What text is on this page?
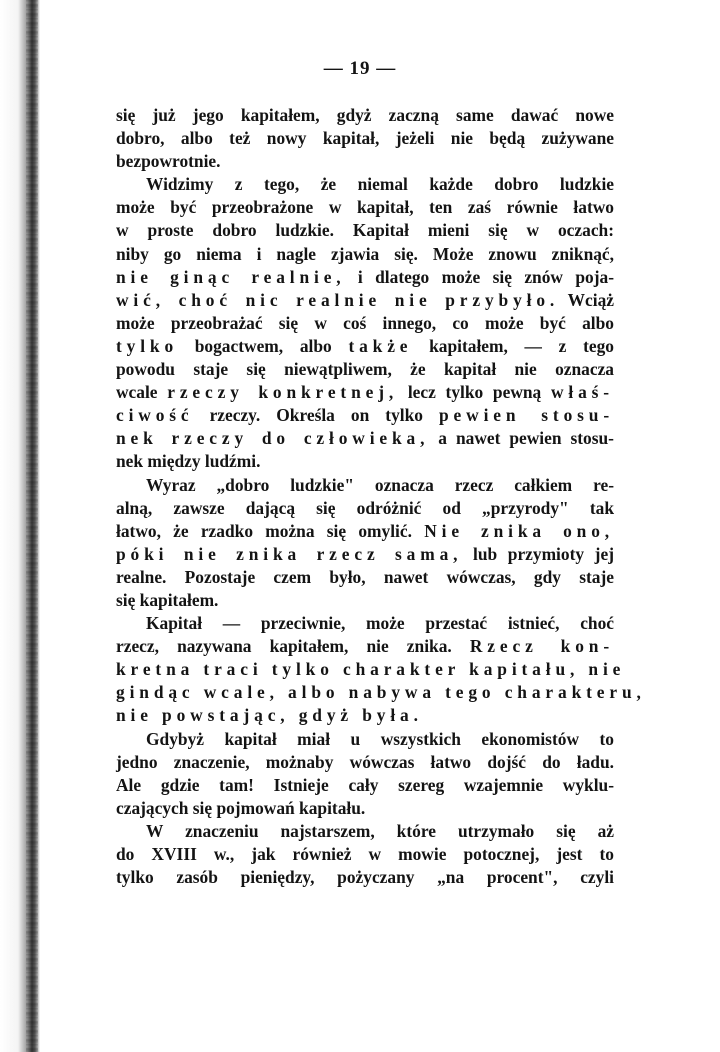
— 19 —
się już jego kapitałem, gdyż zaczną same dawać nowe
dobro, albo też nowy kapitał, jeżeli nie będą zużywane
bezpowrotnie.
Widzimy z tego, że niemal każde dobro ludzkie
może być przeobrażone w kapitał, ten zaś równie łatwo
w proste dobro ludzkie. Kapitał mieni się w oczach:
niby go niema i nagle zjawia się. Może znowu zniknąć,
nie ginąc realnie, i dlatego może się znów poja-
wić, choć nic realnie nie przybyło. Wciąż
może przeobrażać się w coś innego, co może być albo
tylko bogactwem, albo także kapitałem, — z tego
powodu staje się niewątpliwem, że kapitał nie oznacza
wcale rzeczy konkretnej, lecz tylko pewną właś-
ciwość rzeczy. Określa on tylko pewien stosu-
nek rzeczy do człowieka, a nawet pewien stosu-
nek między ludźmi.
Wyraz „dobro ludzkie" oznacza rzecz całkiem re-
alną, zawsze dającą się odróżnić od „przyrody" tak
łatwo, że rzadko można się omylić. Nie znika ono,
póki nie znika rzecz sama, lub przymioty jej
realne. Pozostaje czem było, nawet wówczas, gdy staje
się kapitałem.
Kapitał — przeciwnie, może przestać istnieć, choć
rzecz, nazywana kapitałem, nie znika. Rzecz kon-
kretna traci tylko charakter kapitału, nie
gindąc wcale, albo nabywa tego charakteru,
nie powstając, gdyż była.
Gdybyż kapitał miał u wszystkich ekonomistów to
jedno znaczenie, możnaby wówczas łatwo dojść do ładu.
Ale gdzie tam! Istnieje cały szereg wzajemnie wyklu-
czających się pojmowań kapitału.
W znaczeniu najstarszem, które utrzymało się aż
do XVIII w., jak również w mowie potocznej, jest to
tylko zasób pieniędzy, pożyczany „na procent", czyli
